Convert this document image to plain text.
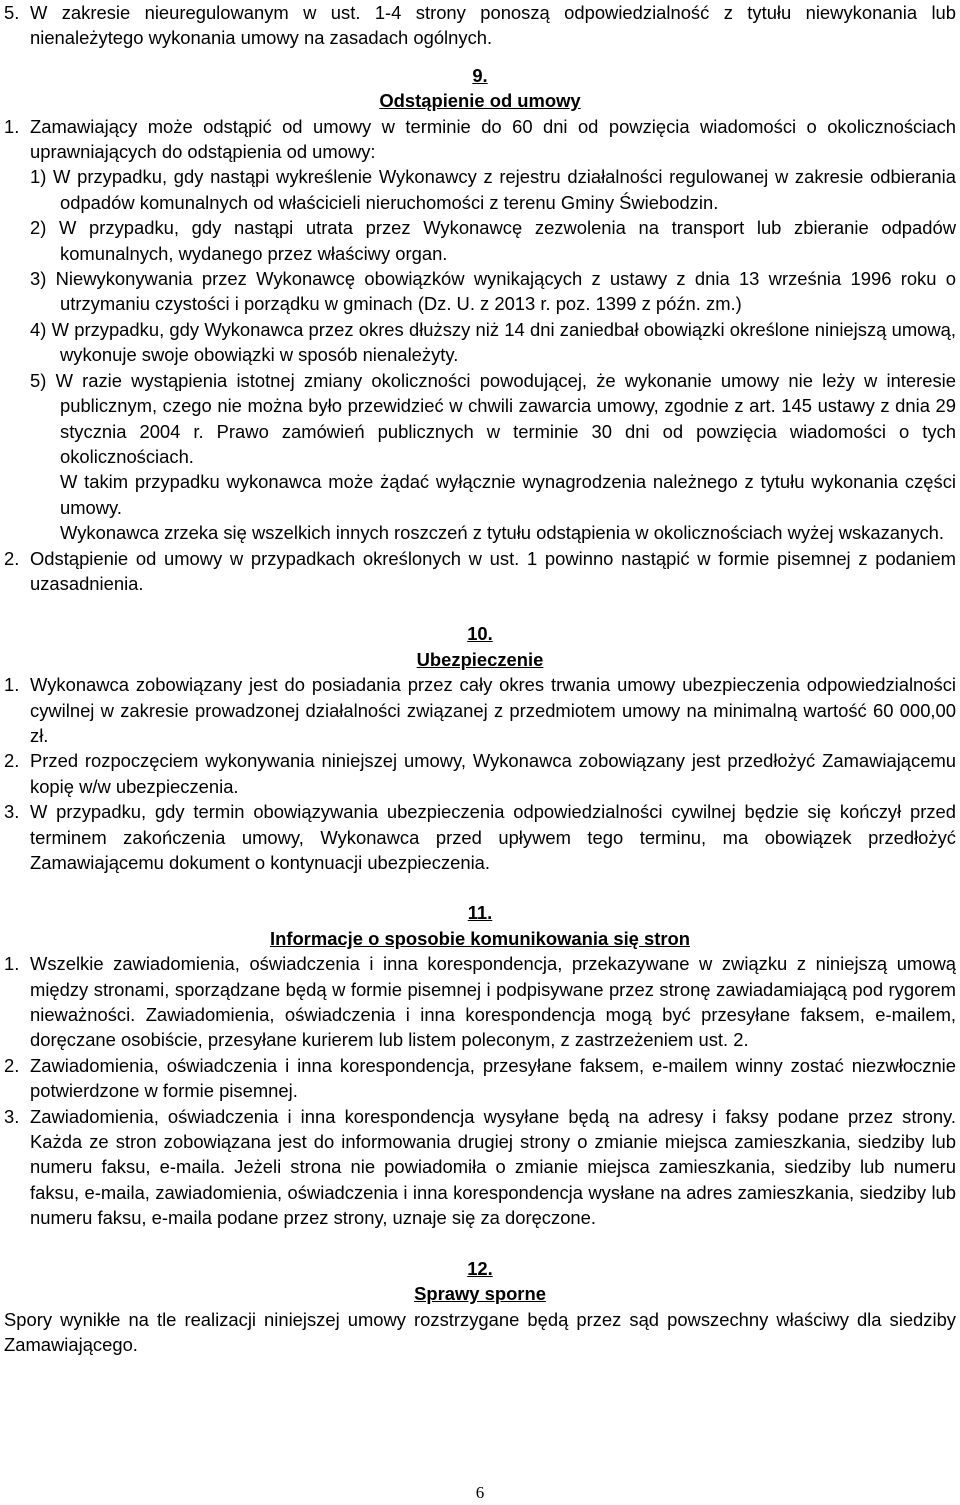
5. W zakresie nieuregulowanym w ust. 1-4 strony ponoszą odpowiedzialność z tytułu niewykonania lub nienależytego wykonania umowy na zasadach ogólnych.
9.
Odstąpienie od umowy
1. Zamawiający może odstąpić od umowy w terminie do 60 dni od powzięcia wiadomości o okolicznościach uprawniających do odstąpienia od umowy:
1) W przypadku, gdy nastąpi wykreślenie Wykonawcy z rejestru działalności regulowanej w zakresie odbierania odpadów komunalnych od właścicieli nieruchomości z terenu Gminy Świebodzin.
2) W przypadku, gdy nastąpi utrata przez Wykonawcę zezwolenia na transport lub zbieranie odpadów komunalnych, wydanego przez właściwy organ.
3) Niewykonywania przez Wykonawcę obowiązków wynikających z ustawy z dnia 13 września 1996 roku o utrzymaniu czystości i porządku w gminach (Dz. U. z 2013 r. poz. 1399 z późn. zm.)
4) W przypadku, gdy Wykonawca przez okres dłuższy niż 14 dni zaniedbał obowiązki określone niniejszą umową, wykonuje swoje obowiązki w sposób nienależyty.
5) W razie wystąpienia istotnej zmiany okoliczności powodującej, że wykonanie umowy nie leży w interesie publicznym, czego nie można było przewidzieć w chwili zawarcia umowy, zgodnie z art. 145 ustawy z dnia 29 stycznia 2004 r. Prawo zamówień publicznych w terminie 30 dni od powzięcia wiadomości o tych okolicznościach.
W takim przypadku wykonawca może żądać wyłącznie wynagrodzenia należnego z tytułu wykonania części umowy.
Wykonawca zrzeka się wszelkich innych roszczeń z tytułu odstąpienia w okolicznościach wyżej wskazanych.
2. Odstąpienie od umowy w przypadkach określonych w ust. 1 powinno nastąpić w formie pisemnej z podaniem uzasadnienia.
10.
Ubezpieczenie
1. Wykonawca zobowiązany jest do posiadania przez cały okres trwania umowy ubezpieczenia odpowiedzialności cywilnej w zakresie prowadzonej działalności związanej z przedmiotem umowy na minimalną wartość 60 000,00 zł.
2. Przed rozpoczęciem wykonywania niniejszej umowy, Wykonawca zobowiązany jest przedłożyć Zamawiającemu kopię w/w ubezpieczenia.
3. W przypadku, gdy termin obowiązywania ubezpieczenia odpowiedzialności cywilnej będzie się kończył przed terminem zakończenia umowy, Wykonawca przed upływem tego terminu, ma obowiązek przedłożyć Zamawiającemu dokument o kontynuacji ubezpieczenia.
11.
Informacje o sposobie komunikowania się stron
1. Wszelkie zawiadomienia, oświadczenia i inna korespondencja, przekazywane w związku z niniejszą umową między stronami, sporządzane będą w formie pisemnej i podpisywane przez stronę zawiadamiającą pod rygorem nieważności. Zawiadomienia, oświadczenia i inna korespondencja mogą być przesyłane faksem, e-mailem, doręczane osobiście, przesyłane kurierem lub listem poleconym, z zastrzeżeniem ust. 2.
2. Zawiadomienia, oświadczenia i inna korespondencja, przesyłane faksem, e-mailem winny zostać niezwłocznie potwierdzone w formie pisemnej.
3. Zawiadomienia, oświadczenia i inna korespondencja wysyłane będą na adresy i faksy podane przez strony. Każda ze stron zobowiązana jest do informowania drugiej strony o zmianie miejsca zamieszkania, siedziby lub numeru faksu, e-maila. Jeżeli strona nie powiadomiła o zmianie miejsca zamieszkania, siedziby lub numeru faksu, e-maila, zawiadomienia, oświadczenia i inna korespondencja wysłane na adres zamieszkania, siedziby lub numeru faksu, e-maila podane przez strony, uznaje się za doręczone.
12.
Sprawy sporne
Spory wynikłe na tle realizacji niniejszej umowy rozstrzygane będą przez sąd powszechny właściwy dla siedziby Zamawiającego.
6
